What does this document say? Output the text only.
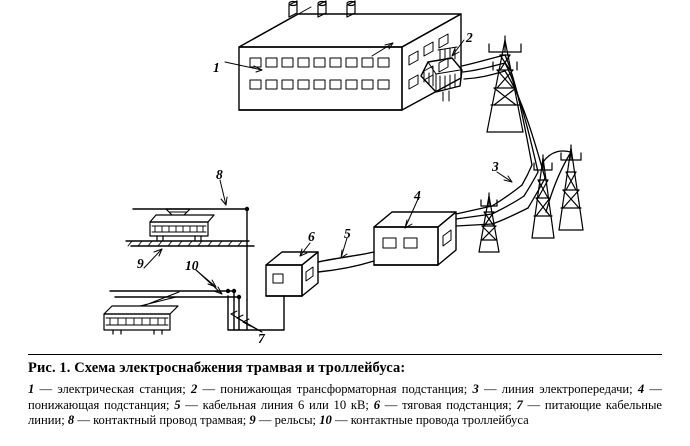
1
2
3
4
5
6
7
8
9	10
Рис. 1. Схема электроснабжения трамвая и троллейбуса:
1 — электрическая станция; 2 — понижающая трансформаторная подстанция; 3 — линия электропередачи; 4 — понижающая подстанция; 5 — кабельная линия 6 или 10 кВ; 6 — тяговая подстанция; 7 — питающие кабельные линии; 8 — контактный провод трамвая; 9 — рельсы; 10 — контактные провода троллейбуса
